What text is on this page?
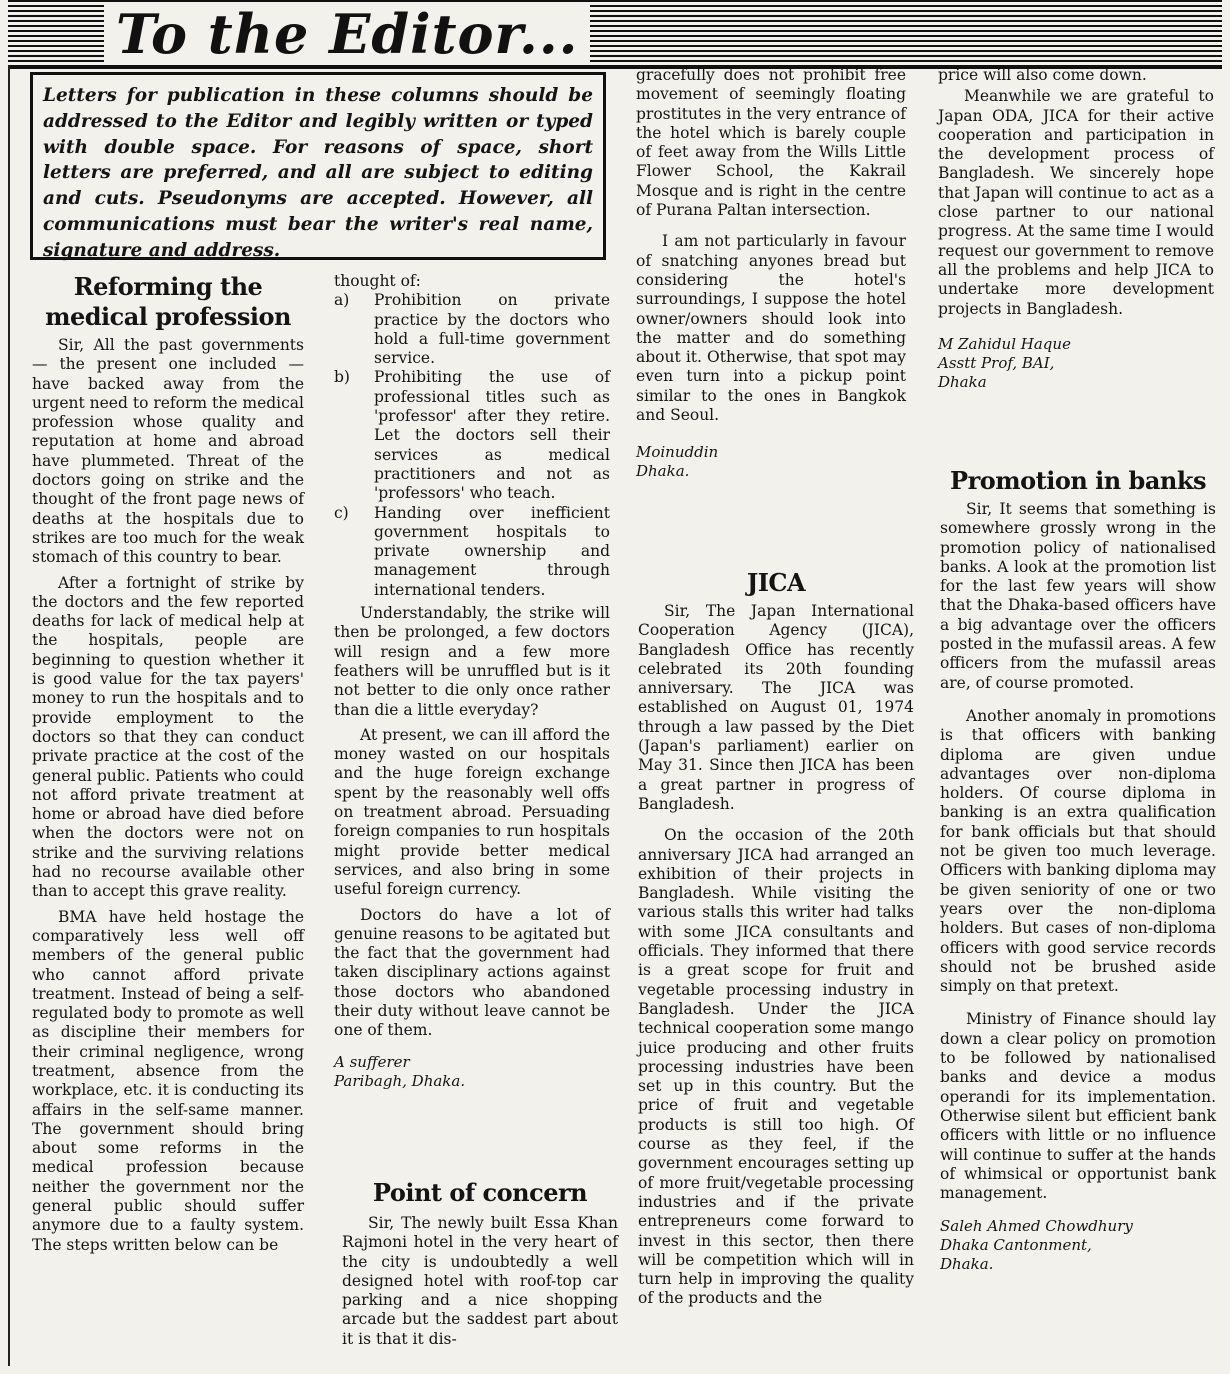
To the Editor...
Letters for publication in these columns should be addressed to the Editor and legibly written or typed with double space. For reasons of space, short letters are preferred, and all are subject to editing and cuts. Pseudonyms are accepted. However, all communications must bear the writer's real name, signature and address.
Reforming the
medical profession

Sir, All the past governments — the present one included — have backed away from the urgent need to reform the medical profession whose quality and reputation at home and abroad have plummeted. Threat of the doctors going on strike and the thought of the front page news of deaths at the hospitals due to strikes are too much for the weak stomach of this country to bear.

After a fortnight of strike by the doctors and the few reported deaths for lack of medical help at the hospitals, people are beginning to question whether it is good value for the tax payers' money to run the hospitals and to provide employment to the doctors so that they can conduct private practice at the cost of the general public. Patients who could not afford private treatment at home or abroad have died before when the doctors were not on strike and the surviving relations had no recourse available other than to accept this grave reality.

BMA have held hostage the comparatively less well off members of the general public who cannot afford private treatment. Instead of being a self-regulated body to promote as well as discipline their members for their criminal negligence, wrong treatment, absence from the workplace, etc. it is conducting its affairs in the self-same manner. The government should bring about some reforms in the medical profession because neither the government nor the general public should suffer anymore due to a faulty system. The steps written below can be

thought of:

a) Prohibition on private practice by the doctors who hold a full-time government service.
b) Prohibiting the use of professional titles such as 'professor' after they retire. Let the doctors sell their services as medical practitioners and not as 'professors' who teach.
c) Handing over inefficient government hospitals to private ownership and management through international tenders.

Understandably, the strike will then be prolonged, a few doctors will resign and a few more feathers will be unruffled but is it not better to die only once rather than die a little everyday?

At present, we can ill afford the money wasted on our hospitals and the huge foreign exchange spent by the reasonably well offs on treatment abroad. Persuading foreign companies to run hospitals might provide better medical services, and also bring in some useful foreign currency.

Doctors do have a lot of genuine reasons to be agitated but the fact that the government had taken disciplinary actions against those doctors who abandoned their duty without leave cannot be one of them.

A sufferer
Paribagh, Dhaka.
Point of concern

Sir, The newly built Essa Khan Rajmoni hotel in the very heart of the city is undoubtedly a well designed hotel with roof-top car parking and a nice shopping arcade but the saddest part about it is that it dis-

gracefully does not prohibit free movement of seemingly floating prostitutes in the very entrance of the hotel which is barely couple of feet away from the Wills Little Flower School, the Kakrail Mosque and is right in the centre of Purana Paltan intersection.

I am not particularly in favour of snatching anyones bread but considering the hotel's surroundings, I suppose the hotel owner/owners should look into the matter and do something about it. Otherwise, that spot may even turn into a pickup point similar to the ones in Bangkok and Seoul.

Moinuddin
Dhaka.
JICA

Sir, The Japan International Cooperation Agency (JICA), Bangladesh Office has recently celebrated its 20th founding anniversary. The JICA was established on August 01, 1974 through a law passed by the Diet (Japan's parliament) earlier on May 31. Since then JICA has been a great partner in progress of Bangladesh.

On the occasion of the 20th anniversary JICA had arranged an exhibition of their projects in Bangladesh. While visiting the various stalls this writer had talks with some JICA consultants and officials. They informed that there is a great scope for fruit and vegetable processing industry in Bangladesh. Under the JICA technical cooperation some mango juice producing and other fruits processing industries have been set up in this country. But the price of fruit and vegetable products is still too high. Of course as they feel, if the government encourages setting up of more fruit/vegetable processing industries and if the private entrepreneurs come forward to invest in this sector, then there will be competition which will in turn help in improving the quality of the products and the

price will also come down.

Meanwhile we are grateful to Japan ODA, JICA for their active cooperation and participation in the development process of Bangladesh. We sincerely hope that Japan will continue to act as a close partner to our national progress. At the same time I would request our government to remove all the problems and help JICA to undertake more development projects in Bangladesh.

M Zahidul Haque
Asstt Prof, BAI,
Dhaka
Promotion in banks

Sir, It seems that something is somewhere grossly wrong in the promotion policy of nationalised banks. A look at the promotion list for the last few years will show that the Dhaka-based officers have a big advantage over the officers posted in the mufassil areas. A few officers from the mufassil areas are, of course promoted.

Another anomaly in promotions is that officers with banking diploma are given undue advantages over non-diploma holders. Of course diploma in banking is an extra qualification for bank officials but that should not be given too much leverage. Officers with banking diploma may be given seniority of one or two years over the non-diploma holders. But cases of non-diploma officers with good service records should not be brushed aside simply on that pretext.

Ministry of Finance should lay down a clear policy on promotion to be followed by nationalised banks and device a modus operandi for its implementation. Otherwise silent but efficient bank officers with little or no influence will continue to suffer at the hands of whimsical or opportunist bank management.

Saleh Ahmed Chowdhury
Dhaka Cantonment,
Dhaka.
